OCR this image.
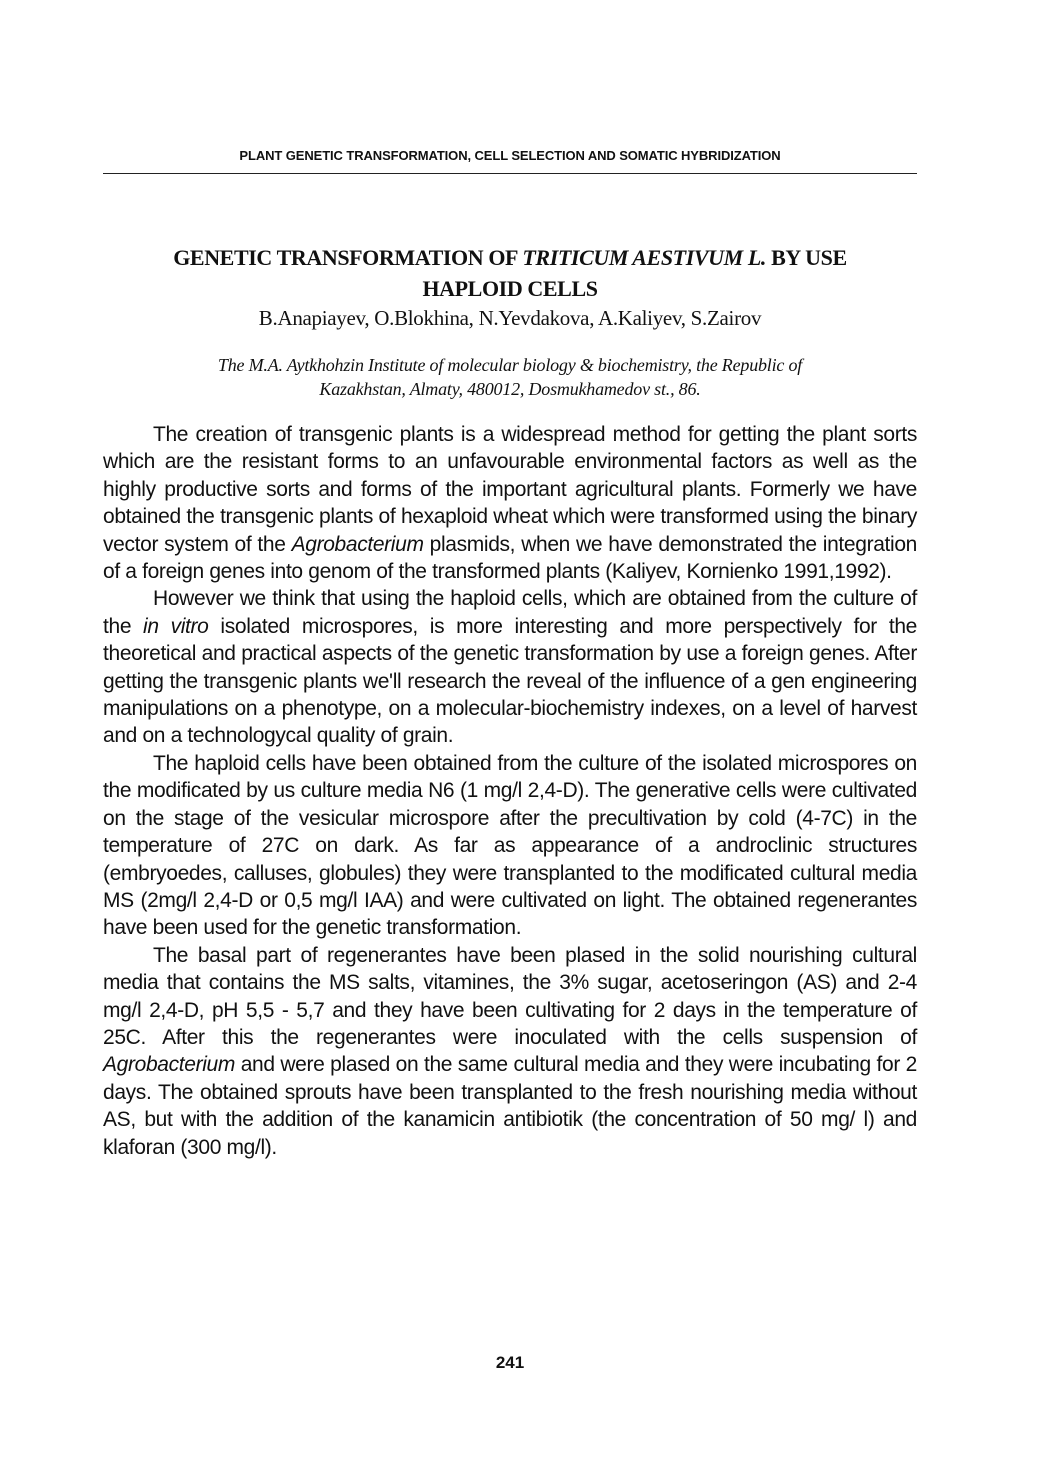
PLANT GENETIC TRANSFORMATION, CELL SELECTION AND SOMATIC HYBRIDIZATION
GENETIC TRANSFORMATION OF TRITICUM AESTIVUM L. BY USE
HAPLOID CELLS
B.Anapiayev, O.Blokhina, N.Yevdakova, A.Kaliyev, S.Zairov
The M.A. Aytkhohzin Institute of molecular biology & biochemistry, the Republic of
Kazakhstan, Almaty, 480012, Dosmukhamedov st., 86.

The creation of transgenic plants is a widespread method for getting the plant sorts which are the resistant forms to an unfavourable environmental factors as well as the highly productive sorts and forms of the important agricultural plants. Formerly we have obtained the transgenic plants of hexaploid wheat which were transformed using the binary vector system of the Agrobacterium plasmids, when we have demonstrated the integration of a foreign genes into genom of the transformed plants (Kaliyev, Kornienko 1991,1992).

However we think that using the haploid cells, which are obtained from the culture of the in vitro isolated microspores, is more interesting and more perspectively for the theoretical and practical aspects of the genetic transformation by use a foreign genes. After getting the transgenic plants we'll research the reveal of the influence of a gen engineering manipulations on a phenotype, on a molecular-biochemistry indexes, on a level of harvest and on a technologycal quality of grain.

The haploid cells have been obtained from the culture of the isolated microspores on the modificated by us culture media N6 (1 mg/l 2,4-D). The generative cells were cultivated on the stage of the vesicular microspore after the precultivation by cold (4-7C) in the temperature of 27C on dark. As far as appearance of a androclinic structures (embryoedes, calluses, globules) they were transplanted to the modificated cultural media MS (2mg/l 2,4-D or 0,5 mg/l IAA) and were cultivated on light. The obtained regenerantes have been used for the genetic transformation.

The basal part of regenerantes have been plased in the solid nourishing cultural media that contains the MS salts, vitamines, the 3% sugar, acetoseringon (AS) and 2-4 mg/l 2,4-D, pH 5,5 - 5,7 and they have been cultivating for 2 days in the temperature of 25C. After this the regenerantes were inoculated with the cells suspension of Agrobacterium and were plased on the same cultural media and they were incubating for 2 days. The obtained sprouts have been transplanted to the fresh nourishing media without AS, but with the addition of the kanamicin antibiotik (the concentration of 50 mg/ l) and klaforan (300 mg/l).

241
